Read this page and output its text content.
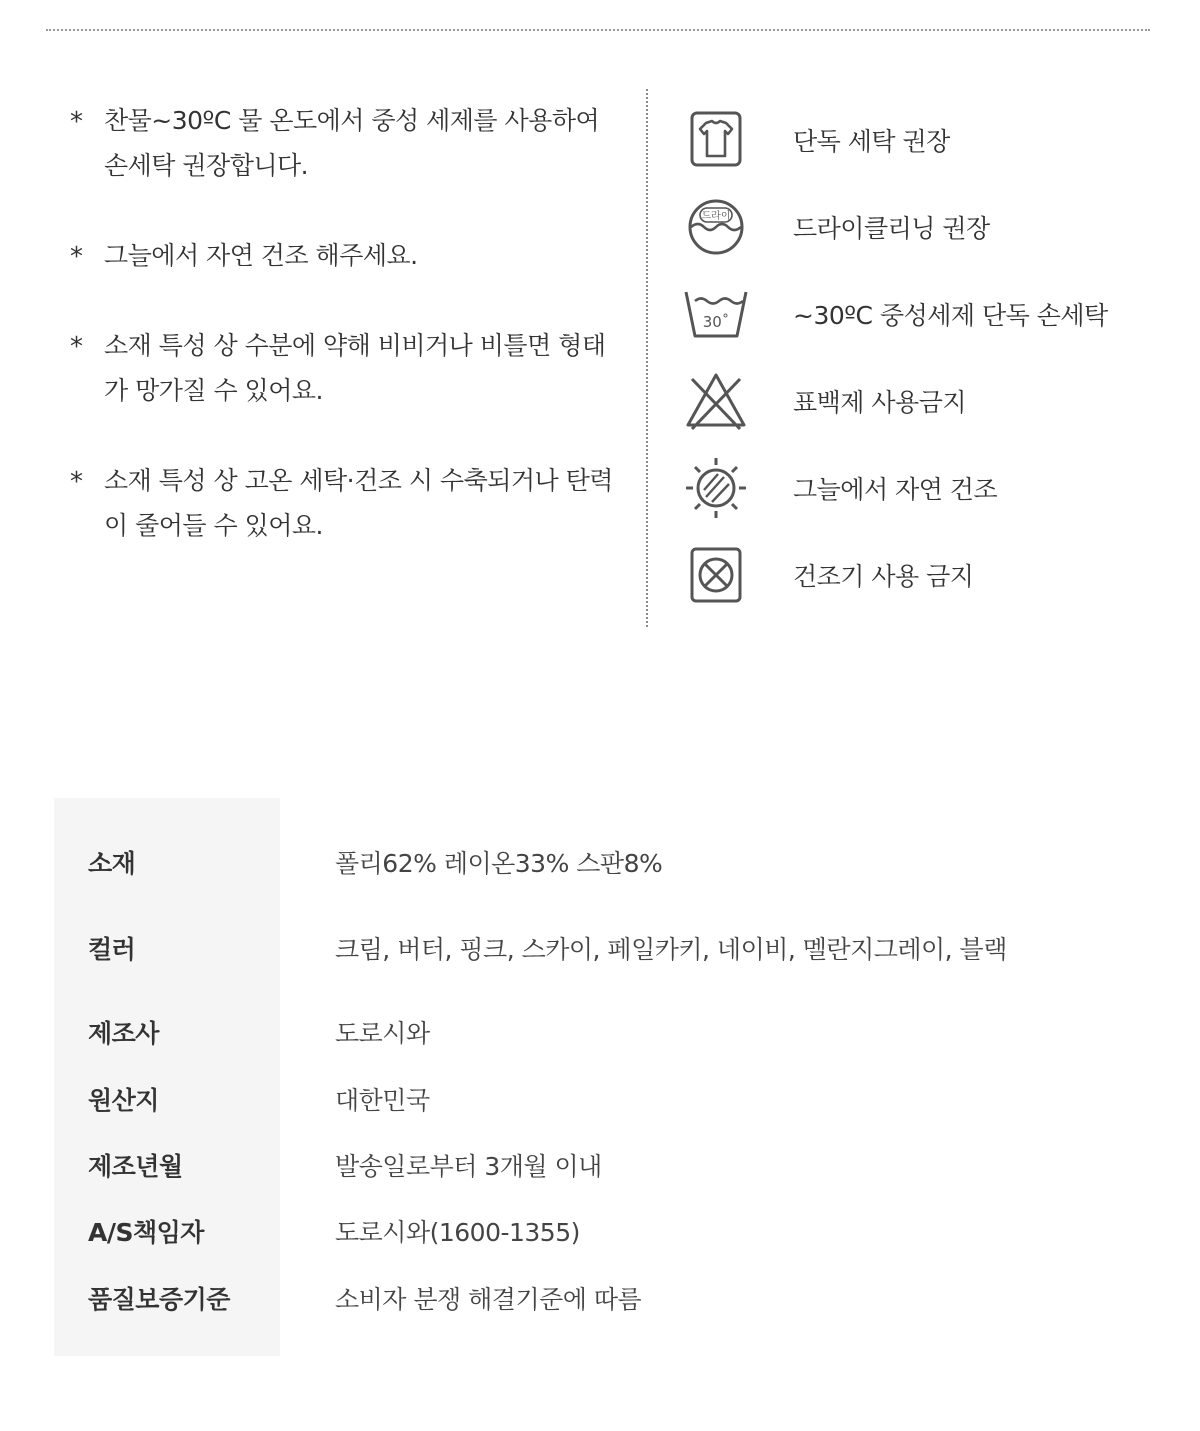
* 찬물~30ºC 물 온도에서 중성 세제를 사용하여 손세탁 권장합니다.
* 그늘에서 자연 건조 해주세요.
* 소재 특성 상 수분에 약해 비비거나 비틀면 형태가 망가질 수 있어요.
* 소재 특성 상 고온 세탁·건조 시 수축되거나 탄력이 줄어들 수 있어요.
단독 세탁 권장
드라이	드라이클리닝 권장
30˚	~30ºC 중성세제 단독 손세탁
표백제 사용금지
그늘에서 자연 건조
건조기 사용 금지
소재	폴리62% 레이온33% 스판8%
컬러	크림, 버터, 핑크, 스카이, 페일카키, 네이비, 멜란지그레이, 블랙
제조사	도로시와
원산지	대한민국
제조년월	발송일로부터 3개월 이내
A/S책임자	도로시와(1600-1355)
품질보증기준	소비자 분쟁 해결기준에 따름
